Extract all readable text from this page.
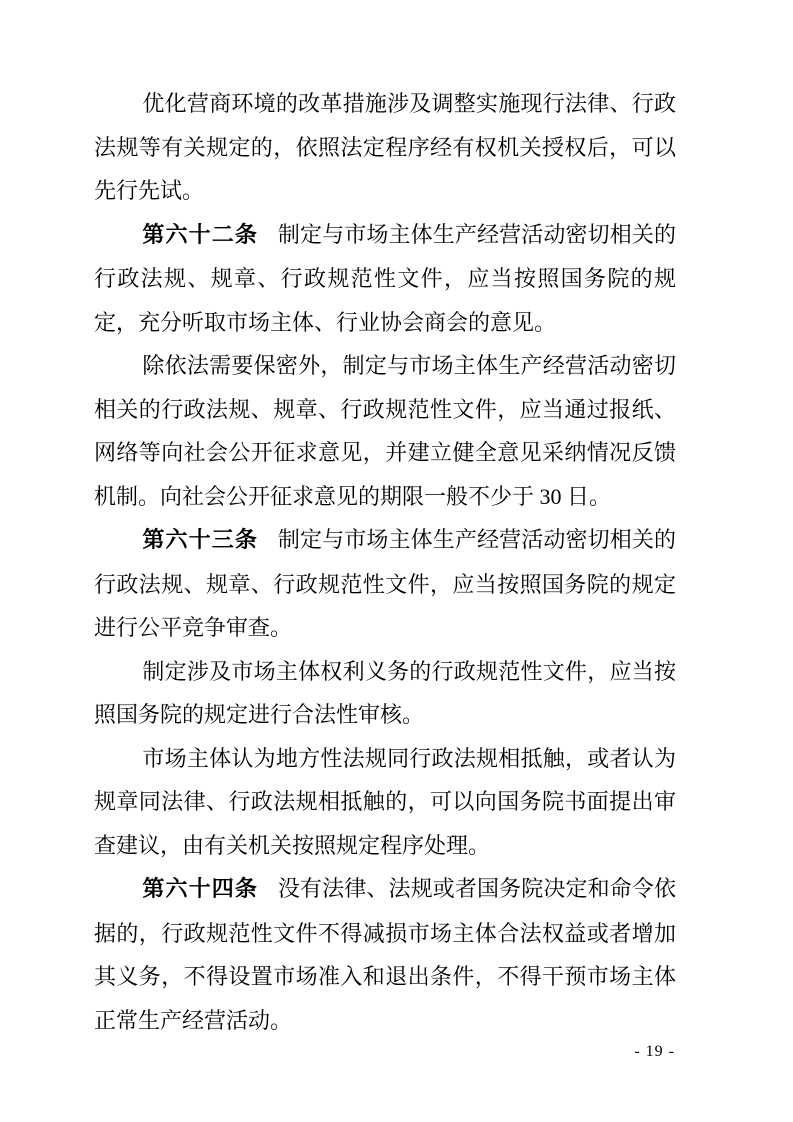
优化营商环境的改革措施涉及调整实施现行法律、行政法规等有关规定的，依照法定程序经有权机关授权后，可以先行先试。

第六十二条 制定与市场主体生产经营活动密切相关的行政法规、规章、行政规范性文件，应当按照国务院的规定，充分听取市场主体、行业协会商会的意见。

除依法需要保密外，制定与市场主体生产经营活动密切相关的行政法规、规章、行政规范性文件，应当通过报纸、网络等向社会公开征求意见，并建立健全意见采纳情况反馈机制。向社会公开征求意见的期限一般不少于 30 日。

第六十三条 制定与市场主体生产经营活动密切相关的行政法规、规章、行政规范性文件，应当按照国务院的规定进行公平竞争审查。

制定涉及市场主体权利义务的行政规范性文件，应当按照国务院的规定进行合法性审核。

市场主体认为地方性法规同行政法规相抵触，或者认为规章同法律、行政法规相抵触的，可以向国务院书面提出审查建议，由有关机关按照规定程序处理。

第六十四条 没有法律、法规或者国务院决定和命令依据的，行政规范性文件不得减损市场主体合法权益或者增加其义务，不得设置市场准入和退出条件，不得干预市场主体正常生产经营活动。

- 19 -
